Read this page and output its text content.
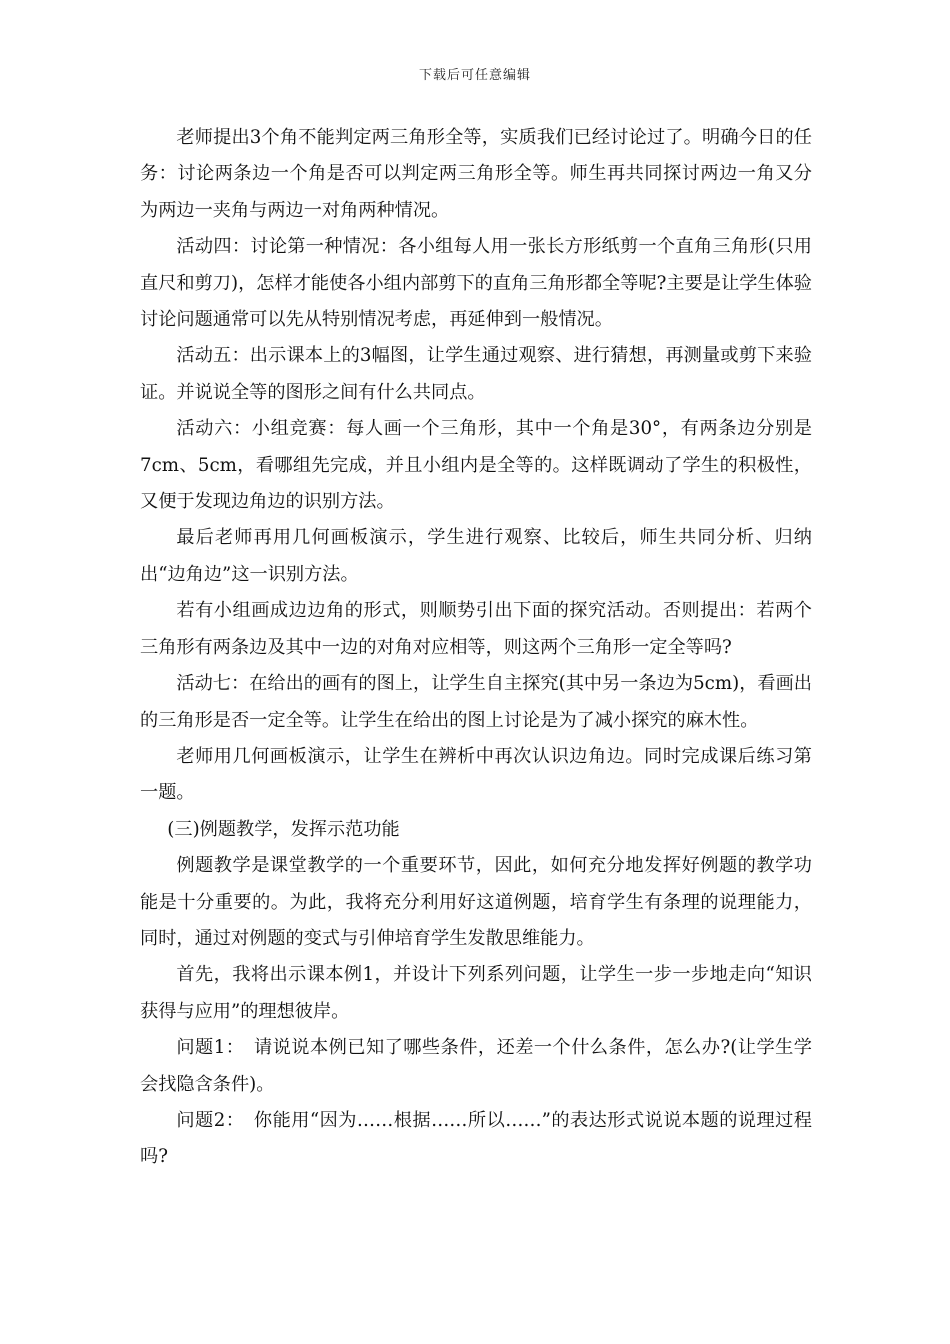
下载后可任意编辑

老师提出3个角不能判定两三角形全等，实质我们已经讨论过了。明确今日的任务：讨论两条边一个角是否可以判定两三角形全等。师生再共同探讨两边一角又分为两边一夹角与两边一对角两种情况。

活动四：讨论第一种情况：各小组每人用一张长方形纸剪一个直角三角形(只用直尺和剪刀)，怎样才能使各小组内部剪下的直角三角形都全等呢?主要是让学生体验讨论问题通常可以先从特别情况考虑，再延伸到一般情况。

活动五：出示课本上的3幅图，让学生通过观察、进行猜想，再测量或剪下来验证。并说说全等的图形之间有什么共同点。

活动六：小组竞赛：每人画一个三角形，其中一个角是30°，有两条边分别是7cm、5cm，看哪组先完成，并且小组内是全等的。这样既调动了学生的积极性，又便于发现边角边的识别方法。

最后老师再用几何画板演示，学生进行观察、比较后，师生共同分析、归纳出“边角边”这一识别方法。

若有小组画成边边角的形式，则顺势引出下面的探究活动。否则提出：若两个三角形有两条边及其中一边的对角对应相等，则这两个三角形一定全等吗?

活动七：在给出的画有的图上，让学生自主探究(其中另一条边为5cm)，看画出的三角形是否一定全等。让学生在给出的图上讨论是为了减小探究的麻木性。

老师用几何画板演示，让学生在辨析中再次认识边角边。同时完成课后练习第一题。

(三)例题教学，发挥示范功能

例题教学是课堂教学的一个重要环节，因此，如何充分地发挥好例题的教学功能是十分重要的。为此，我将充分利用好这道例题，培育学生有条理的说理能力，同时，通过对例题的变式与引伸培育学生发散思维能力。

首先，我将出示课本例1，并设计下列系列问题，让学生一步一步地走向“知识获得与应用”的理想彼岸。

问题1：　请说说本例已知了哪些条件，还差一个什么条件，怎么办?(让学生学会找隐含条件)。

问题2：　你能用“因为……根据……所以……”的表达形式说说本题的说理过程吗?
